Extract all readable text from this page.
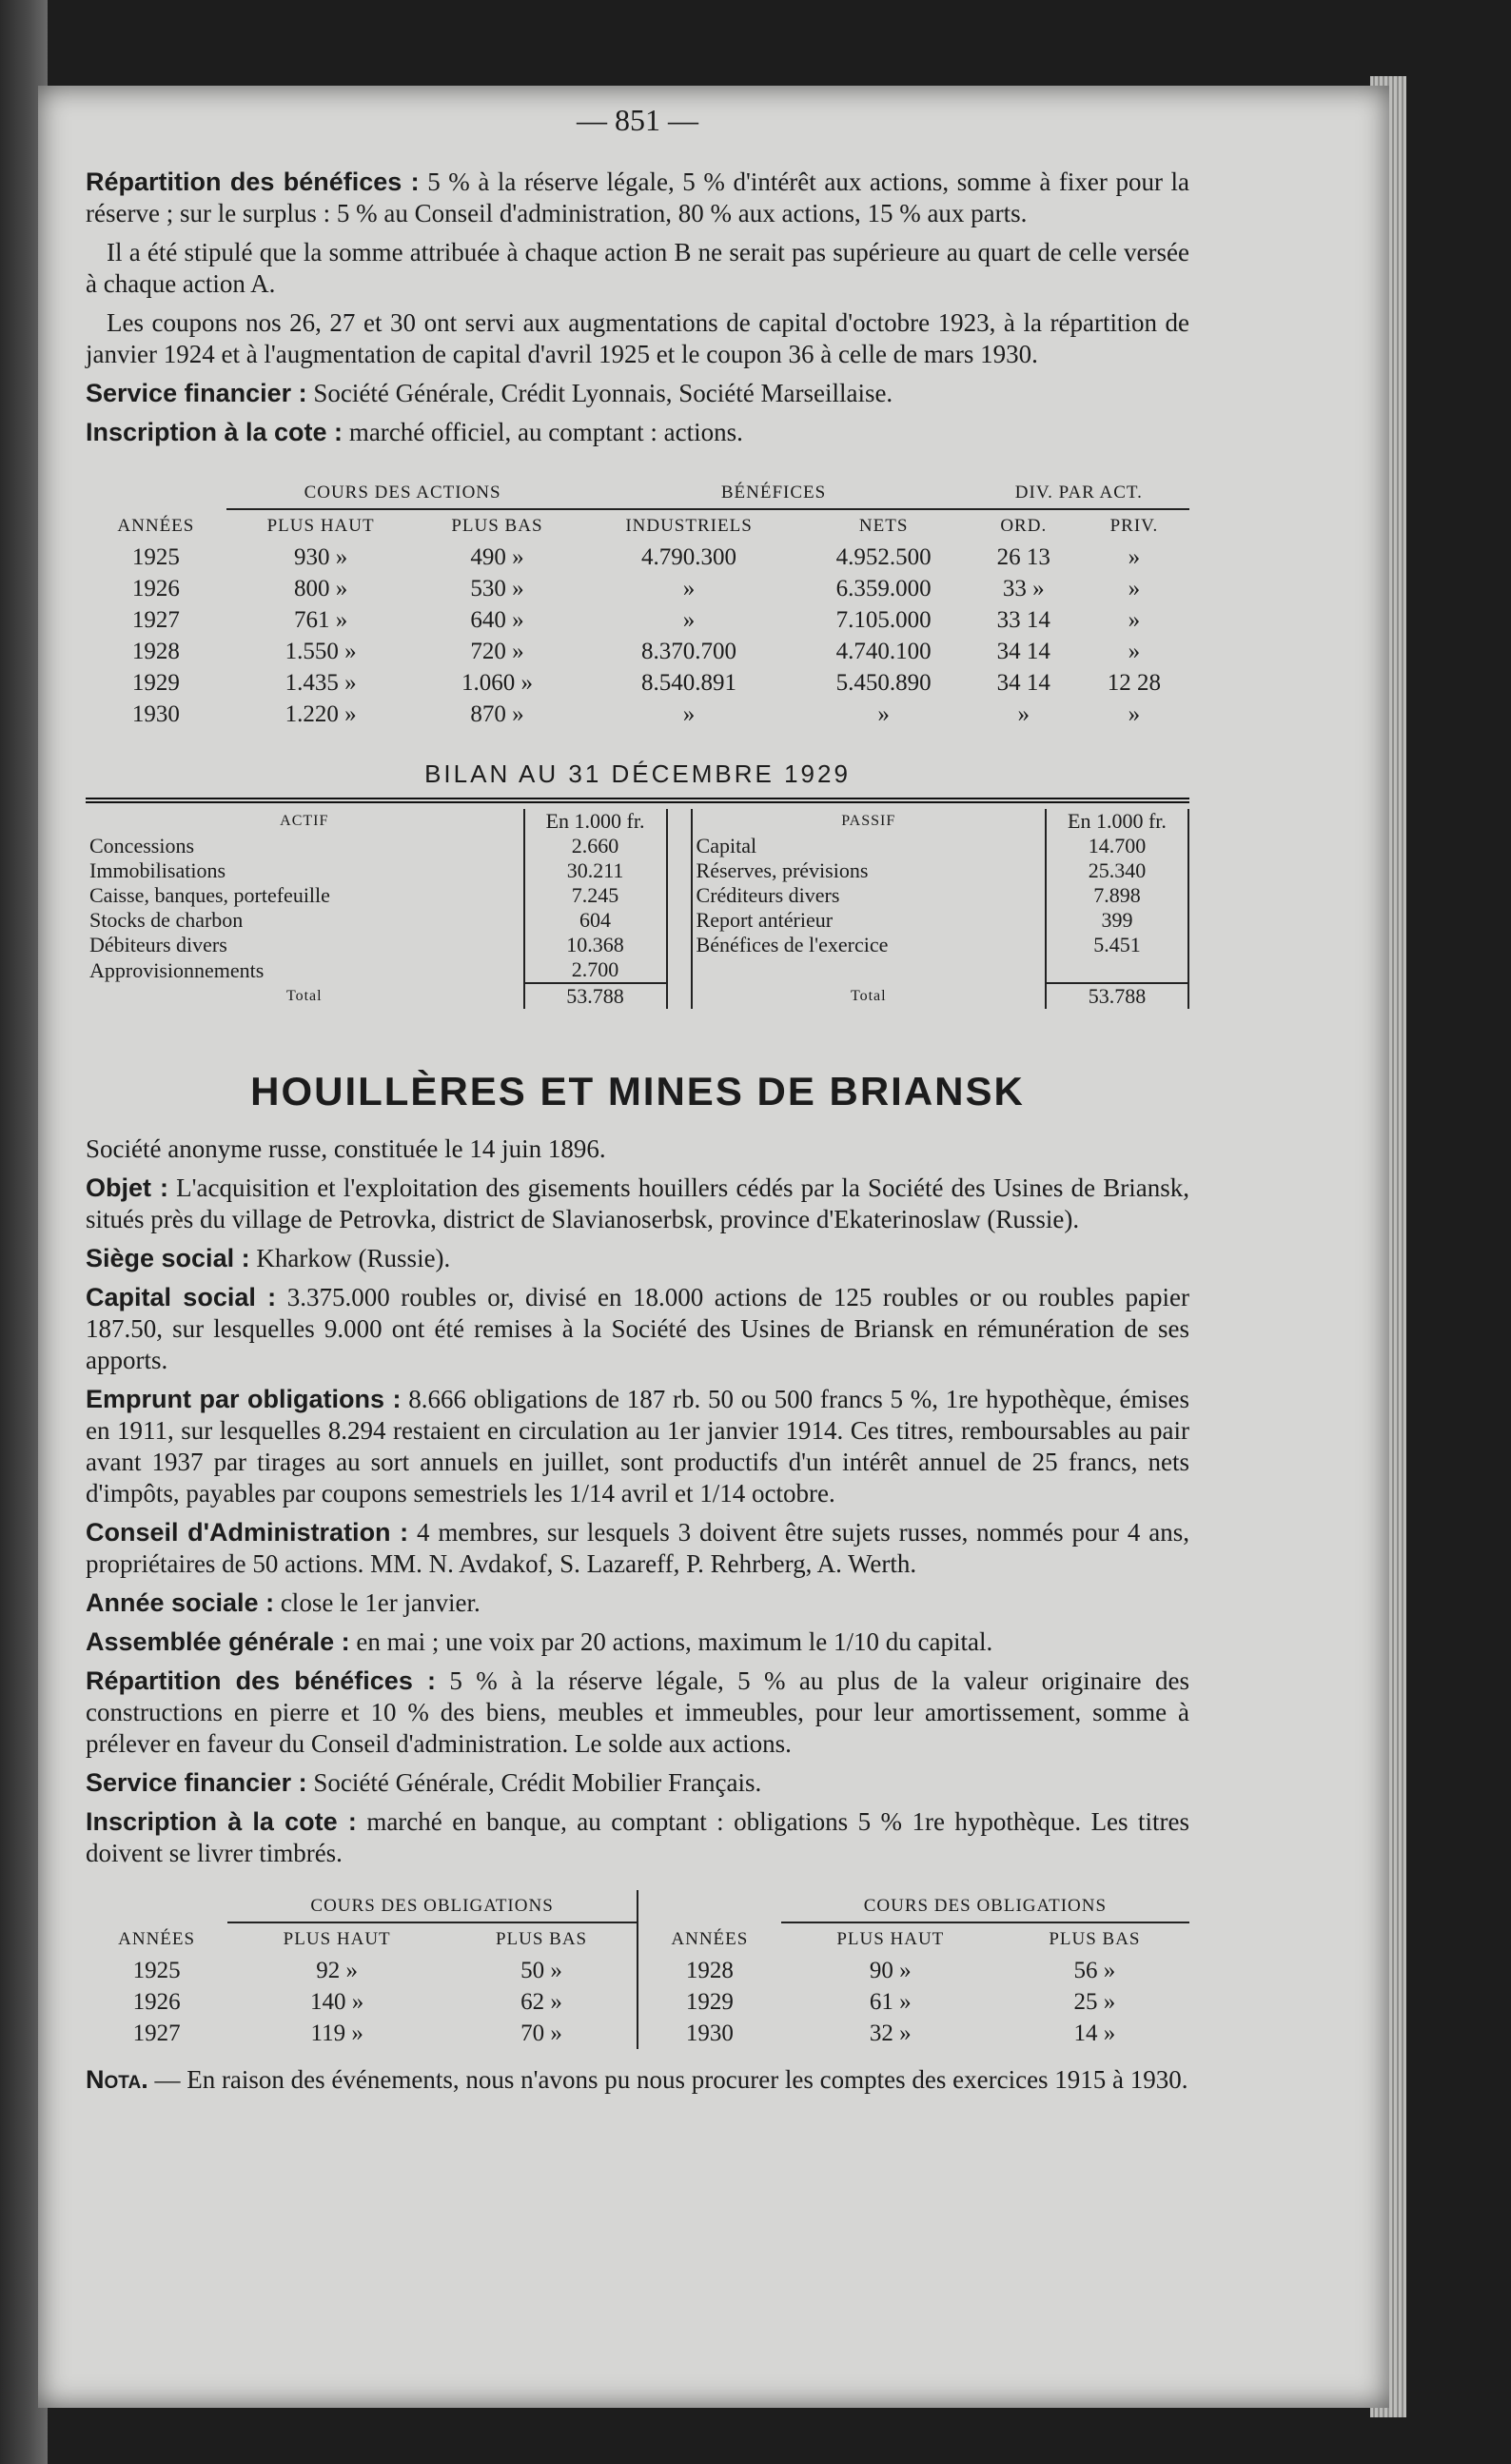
— 851 —

Répartition des bénéfices : 5 % à la réserve légale, 5 % d'intérêt aux actions, somme à fixer pour la réserve ; sur le surplus : 5 % au Conseil d'administration, 80 % aux actions, 15 % aux parts.

Il a été stipulé que la somme attribuée à chaque action B ne serait pas supérieure au quart de celle versée à chaque action A.

Les coupons nos 26, 27 et 30 ont servi aux augmentations de capital d'octobre 1923, à la répartition de janvier 1924 et à l'augmentation de capital d'avril 1925 et le coupon 36 à celle de mars 1930.

Service financier : Société Générale, Crédit Lyonnais, Société Marseillaise.

Inscription à la cote : marché officiel, au comptant : actions.

	COURS DES ACTIONS		BÉNÉFICES		DIV. PAR ACT.	
ANNÉES	PLUS HAUT	PLUS BAS	INDUSTRIELS	NETS	ORD.	PRIV.
1925	930 »	490 »	4.790.300	4.952.500	26 13	»
1926	800 »	530 »	»	6.359.000	33 »	»
1927	761 »	640 »	»	7.105.000	33 14	»
1928	1.550 »	720 »	8.370.700	4.740.100	34 14	»
1929	1.435 »	1.060 »	8.540.891	5.450.890	34 14	12 28
1930	1.220 »	870 »	»	»	»	»
BILAN AU 31 DÉCEMBRE 1929
ACTIF	En 1.000 fr.		PASSIF	En 1.000 fr.
Concessions	2.660		Capital	14.700
Immobilisations	30.211		Réserves, prévisions	25.340
Caisse, banques, portefeuille	7.245		Créditeurs divers	7.898
Stocks de charbon	604		Report antérieur	399
Débiteurs divers	10.368		Bénéfices de l'exercice	5.451
Approvisionnements	2.700			
Total	53.788		Total	53.788
HOUILLÈRES ET MINES DE BRIANSK

Société anonyme russe, constituée le 14 juin 1896.

Objet : L'acquisition et l'exploitation des gisements houillers cédés par la Société des Usines de Briansk, situés près du village de Petrovka, district de Slavianoserbsk, province d'Ekaterinoslaw (Russie).

Siège social : Kharkow (Russie).

Capital social : 3.375.000 roubles or, divisé en 18.000 actions de 125 roubles or ou roubles papier 187.50, sur lesquelles 9.000 ont été remises à la Société des Usines de Briansk en rémunération de ses apports.

Emprunt par obligations : 8.666 obligations de 187 rb. 50 ou 500 francs 5 %, 1re hypothèque, émises en 1911, sur lesquelles 8.294 restaient en circulation au 1er janvier 1914. Ces titres, remboursables au pair avant 1937 par tirages au sort annuels en juillet, sont productifs d'un intérêt annuel de 25 francs, nets d'impôts, payables par coupons semestriels les 1/14 avril et 1/14 octobre.

Conseil d'Administration : 4 membres, sur lesquels 3 doivent être sujets russes, nommés pour 4 ans, propriétaires de 50 actions. MM. N. Avdakof, S. Lazareff, P. Rehrberg, A. Werth.

Année sociale : close le 1er janvier.

Assemblée générale : en mai ; une voix par 20 actions, maximum le 1/10 du capital.

Répartition des bénéfices : 5 % à la réserve légale, 5 % au plus de la valeur originaire des constructions en pierre et 10 % des biens, meubles et immeubles, pour leur amortissement, somme à prélever en faveur du Conseil d'administration. Le solde aux actions.

Service financier : Société Générale, Crédit Mobilier Français.

Inscription à la cote : marché en banque, au comptant : obligations 5 % 1re hypothèque. Les titres doivent se livrer timbrés.

	COURS DES OBLIGATIONS			COURS DES OBLIGATIONS	
ANNÉES	PLUS HAUT	PLUS BAS	ANNÉES	PLUS HAUT	PLUS BAS
1925	92 »	50 »	1928	90 »	56 »
1926	140 »	62 »	1929	61 »	25 »
1927	119 »	70 »	1930	32 »	14 »

Nota. — En raison des événements, nous n'avons pu nous procurer les comptes des exercices 1915 à 1930.
